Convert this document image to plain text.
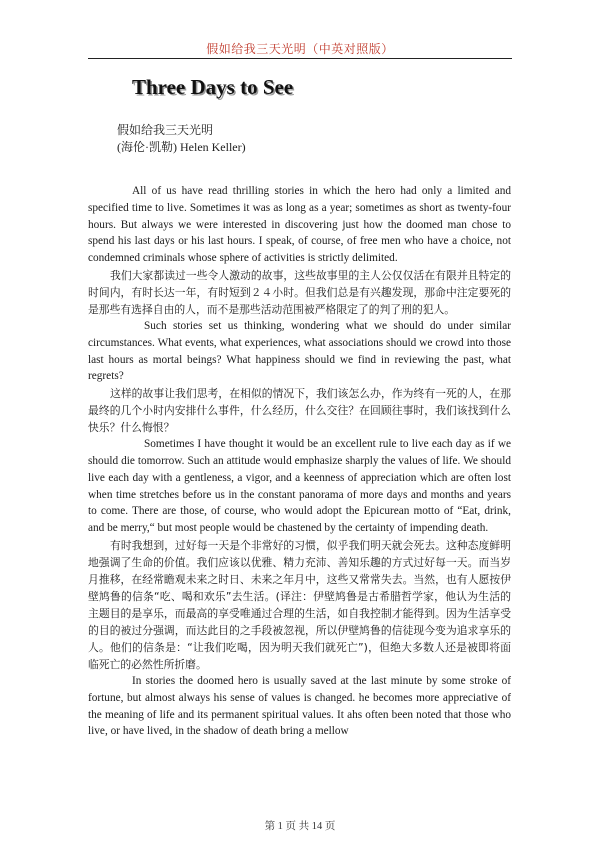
假如给我三天光明（中英对照版）
Three Days to See
假如给我三天光明
(海伦·凯勒) Helen Keller)

All of us have read thrilling stories in which the hero had only a limited and specified time to live. Sometimes it was as long as a year; sometimes as short as twenty-four hours. But always we were interested in discovering just how the doomed man chose to spend his last days or his last hours. I speak, of course, of free men who have a choice, not condemned criminals whose sphere of activities is strictly delimited.

我们大家都读过一些令人激动的故事，这些故事里的主人公仅仅活在有限并且特定的时间内，有时长达一年，有时短到２４小时。但我们总是有兴趣发现，那命中注定要死的是那些有选择自由的人，而不是那些活动范围被严格限定了的判了刑的犯人。

Such stories set us thinking, wondering what we should do under similar circumstances. What events, what experiences, what associations should we crowd into those last hours as mortal beings? What happiness should we find in reviewing the past, what regrets?

这样的故事让我们思考，在相似的情况下，我们该怎么办，作为终有一死的人，在那最终的几个小时内安排什么事件，什么经历，什么交往？在回顾往事时，我们该找到什么快乐？什么悔恨？

Sometimes I have thought it would be an excellent rule to live each day as if we should die tomorrow. Such an attitude would emphasize sharply the values of life. We should live each day with a gentleness, a vigor, and a keenness of appreciation which are often lost when time stretches before us in the constant panorama of more days and months and years to come. There are those, of course, who would adopt the Epicurean motto of “Eat, drink, and be merry,“ but most people would be chastened by the certainty of impending death.

有时我想到，过好每一天是个非常好的习惯，似乎我们明天就会死去。这种态度鲜明地强调了生命的价值。我们应该以优雅、精力充沛、善知乐趣的方式过好每一天。而当岁月推移，在经常瞻观未来之时日、未来之年月中，这些又常常失去。当然，也有人愿按伊壁鸠鲁的信条“吃、喝和欢乐”去生活。(译注：伊壁鸠鲁是古希腊哲学家，他认为生活的主题目的是享乐，而最高的享受唯通过合理的生活，如自我控制才能得到。因为生活享受的目的被过分强调，而达此目的之手段被忽视，所以伊壁鸠鲁的信徒现今变为追求享乐的人。他们的信条是：“让我们吃喝，因为明天我们就死亡”)，但绝大多数人还是被即将面临死亡的必然性所折磨。

In stories the doomed hero is usually saved at the last minute by some stroke of fortune, but almost always his sense of values is changed. he becomes more appreciative of the meaning of life and its permanent spiritual values. It ahs often been noted that those who live, or have lived, in the shadow of death bring a mellow

第 1 页 共 14 页
